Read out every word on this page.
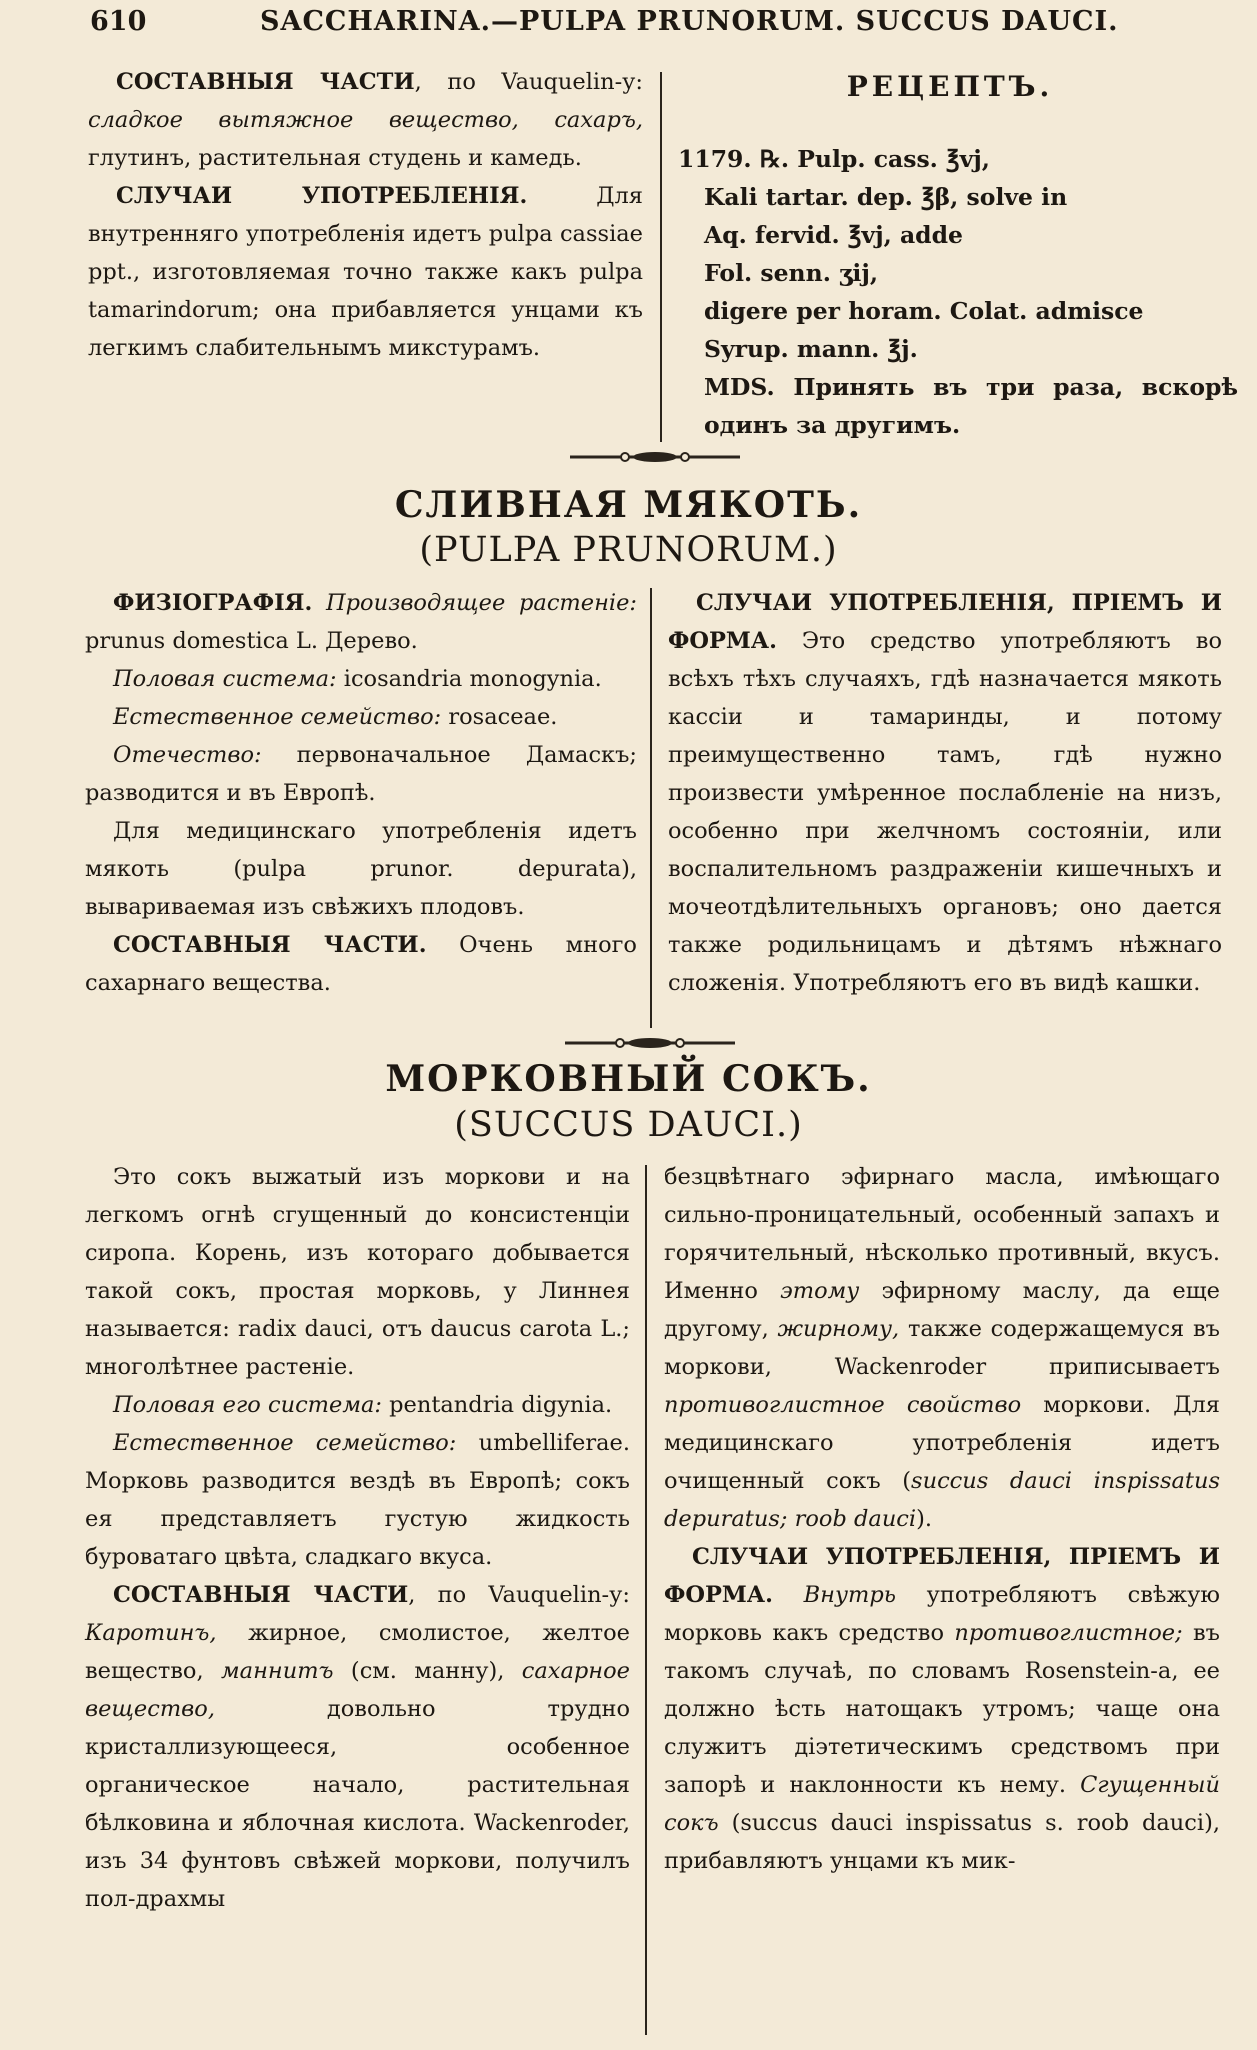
610	SACCHARINA.—PULPA PRUNORUM. SUCCUS DAUCI.

СОСТАВНЫЯ ЧАСТИ, по Vauquelin-у: сладкое вытяжное вещество, сахаръ, глутинъ, растительная студень и камедь.

СЛУЧАИ УПОТРЕБЛЕНІЯ. Для внутренняго употребленія идетъ pulpa cassiae ppt., изготовляемая точно также какъ pulpa tamarindorum; она прибавляется унцами къ легкимъ слабительнымъ микстурамъ.

РЕЦЕПТЪ.

1179. ℞. Pulp. cass. ℥vj,

Kali tartar. dep. ℥β, solve in

Aq. fervid. ℥vj, adde

Fol. senn. ʒij,

digere per horam. Colat. admisce

Syrup. mann. ℥j.

MDS. Принять въ три раза, вскорѣ одинъ за другимъ.

СЛИВНАЯ МЯКОТЬ.
(PULPA PRUNORUM.)

ФИЗІОГРАФІЯ. Производящее растеніе: prunus domestica L. Дерево.

Половая система: icosandria monogynia.

Естественное семейство: rosaceae.

Отечество: первоначальное Дамаскъ; разводится и въ Европѣ.

Для медицинскаго употребленія идетъ мякоть (pulpa prunor. depurata), вываривaемая изъ свѣжихъ плодовъ.

СОСТАВНЫЯ ЧАСТИ. Очень много сахарнаго вещества.

СЛУЧАИ УПОТРЕБЛЕНІЯ, ПРІЕМЪ И ФОРМА. Это средство употребляютъ во всѣхъ тѣхъ случаяхъ, гдѣ назначается мякоть кассіи и тамаринды, и потому преимущественно тамъ, гдѣ нужно произвести умѣренное послабленіе на низъ, особенно при желчномъ состояніи, или воспалительномъ раздраженіи кишечныхъ и мочеотдѣлительныхъ органовъ; оно дается также родильницамъ и дѣтямъ нѣжнаго сложенія. Употребляютъ его въ видѣ кашки.

МОРКОВНЫЙ СОКЪ.
(SUCCUS DAUCI.)

Это сокъ выжатый изъ моркови и на легкомъ огнѣ сгущенный до консистенціи сиропа. Корень, изъ котораго добывается такой сокъ, простая морковь, у Линнея называется: radix dauci, отъ daucus carota L.; многолѣтнее растеніе.

Половая его система: pentandria digynia.

Естественное семейство: umbelliferae. Морковь разводится вездѣ въ Европѣ; сокъ ея представляетъ густую жидкость буроватаго цвѣта, сладкаго вкуса.

СОСТАВНЫЯ ЧАСТИ, по Vauquelin-у: Каротинъ, жирное, смолистое, желтое вещество, маннитъ (см. манну), сахарное вещество, довольно трудно кристаллизующееся, особенное органическое начало, растительная бѣлковина и яблочная кислота. Wackenroder, изъ 34 фунтовъ свѣжей моркови, получилъ пол-драхмы

безцвѣтнаго эфирнаго масла, имѣющаго сильно-проницательный, особенный запахъ и горячительный, нѣсколько противный, вкусъ. Именно этому эфирному маслу, да еще другому, жирному, также содержащемуся въ моркови, Wackenroder приписываетъ противоглистное свойство моркови. Для медицинскаго употребленія идетъ очищенный сокъ (succus dauci inspissatus depuratus; roob dauci).

СЛУЧАИ УПОТРЕБЛЕНІЯ, ПРІЕМЪ И ФОРМА. Внутрь употребляютъ свѣжую морковь какъ средство противоглистное; въ такомъ случаѣ, по словамъ Rosenstein-а, ее должно ѣсть натощакъ утромъ; чаще она служитъ діэтетическимъ средствомъ при запорѣ и наклонности къ нему. Сгущенный сокъ (succus dauci inspissatus s. roob dauci), прибавляютъ унцами къ мик-
